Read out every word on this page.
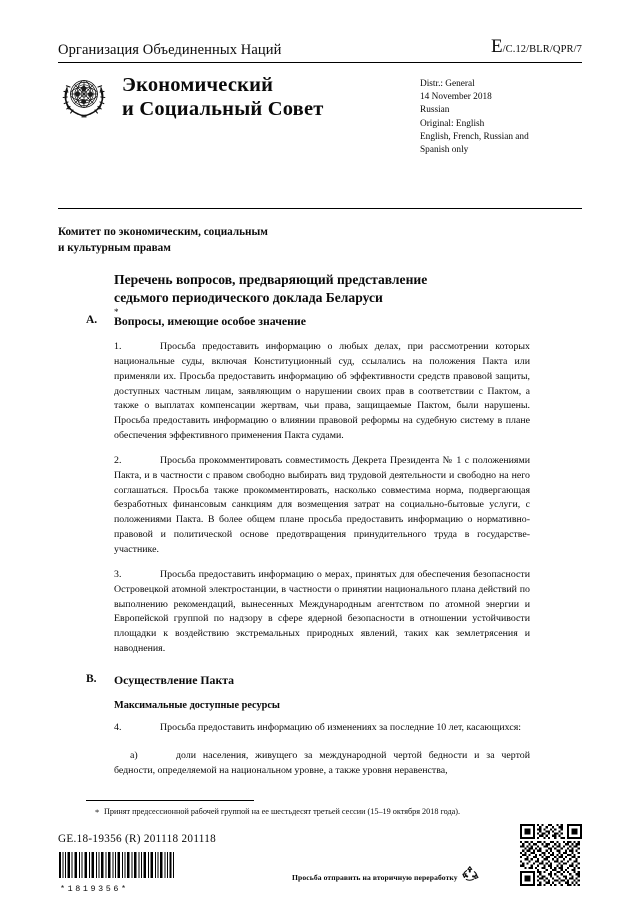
Организация Объединенных Наций	E/C.12/BLR/QPR/7
Экономический
и Социальный Совет
Distr.: General
14 November 2018
Russian
Original: English
English, French, Russian and
Spanish only
Комитет по экономическим, социальным
и культурным правам
Перечень вопросов, предваряющий представление
седьмого периодического доклада Беларуси
*
A.	Вопросы, имеющие особое значение

1.	Просьба предоставить информацию о любых делах, при рассмотрении которых национальные суды, включая Конституционный суд, ссылались на положения Пакта или применяли их. Просьба предоставить информацию об эффективности средств правовой защиты, доступных частным лицам, заявляющим о нарушении своих прав в соответствии с Пактом, а также о выплатах компенсации жертвам, чьи права, защищаемые Пактом, были нарушены. Просьба предоставить информацию о влиянии правовой реформы на судебную систему в плане обеспечения эффективного применения Пакта судами.

2.	Просьба прокомментировать совместимость Декрета Президента № 1 с положениями Пакта, и в частности с правом свободно выбирать вид трудовой деятельности и свободно на него соглашаться. Просьба также прокомментировать, насколько совместима норма, подвергающая безработных финансовым санкциям для возмещения затрат на социально-бытовые услуги, с положениями Пакта. В более общем плане просьба предоставить информацию о нормативно-правовой и политической основе предотвращения принудительного труда в государстве-участнике.

3.	Просьба предоставить информацию о мерах, принятых для обеспечения безопасности Островецкой атомной электростанции, в частности о принятии национального плана действий по выполнению рекомендаций, вынесенных Международным агентством по атомной энергии и Европейской группой по надзору в сфере ядерной безопасности в отношении устойчивости площадки к воздействию экстремальных природных явлений, таких как землетрясения и наводнения.

B.	Осуществление Пакта
Максимальные доступные ресурсы

4.	Просьба предоставить информацию об изменениях за последние 10 лет, касающихся:

a)	доли населения, живущего за международной чертой бедности и за чертой бедности, определяемой на национальном уровне, а также уровня неравенства,

* Принят предсессионной рабочей группой на ее шестьдесят третьей сессии (15–19 октября 2018 года).
GE.18-19356 (R) 201118 201118
*1819356*
Просьба отправить на вторичную переработку
